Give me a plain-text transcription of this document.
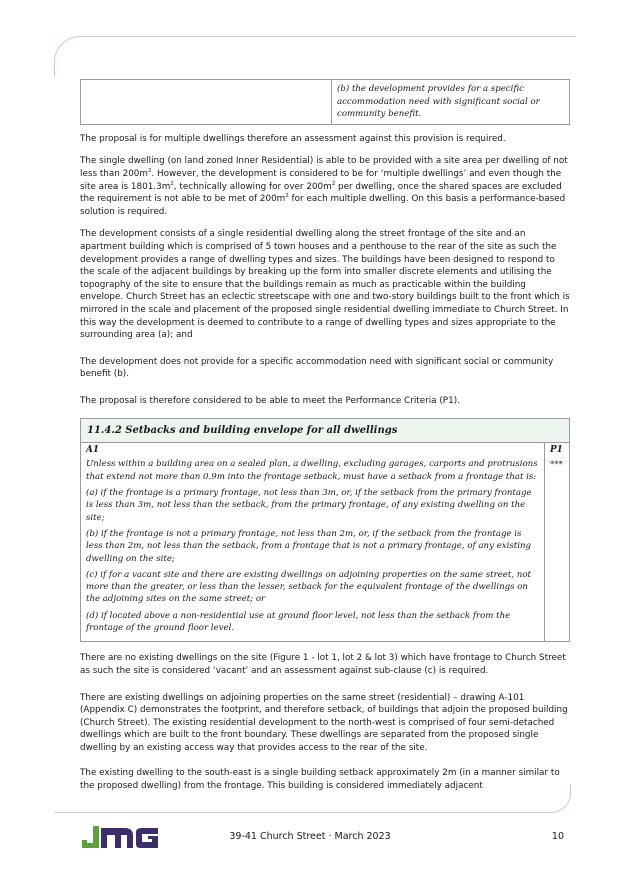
(b) the development provides for a specific accommodation need with significant social or community benefit.

The proposal is for multiple dwellings therefore an assessment against this provision is required.

The single dwelling (on land zoned Inner Residential) is able to be provided with a site area per dwelling of not less than $200m^2$. However, the development is considered to be for ‘multiple dwellings’ and even though the site area is $1801.3m^2$, technically allowing for over $200m^2$ per dwelling, once the shared spaces are excluded the requirement is not able to be met of $200m^2$ for each multiple dwelling. On this basis a performance-based solution is required.

The development consists of a single residential dwelling along the street frontage of the site and an apartment building which is comprised of 5 town houses and a penthouse to the rear of the site as such the development provides a range of dwelling types and sizes. The buildings have been designed to respond to the scale of the adjacent buildings by breaking up the form into smaller discrete elements and utilising the topography of the site to ensure that the buildings remain as much as practicable within the building envelope. Church Street has an eclectic streetscape with one and two-story buildings built to the front which is mirrored in the scale and placement of the proposed single residential dwelling immediate to Church Street. In this way the development is deemed to contribute to a range of dwelling types and sizes appropriate to the surrounding area (a); and

The development does not provide for a specific accommodation need with significant social or community benefit (b).

The proposal is therefore considered to be able to meet the Performance Criteria (P1).

11.4.2 Setbacks and building envelope for all dwellings

A1

Unless within a building area on a sealed plan, a dwelling, excluding garages, carports and protrusions that extend not more than 0.9m into the frontage setback, must have a setback from a frontage that is:

(a) if the frontage is a primary frontage, not less than 3m, or, if the setback from the primary frontage is less than 3m, not less than the setback, from the primary frontage, of any existing dwelling on the site;

(b) if the frontage is not a primary frontage, not less than 2m, or, if the setback from the frontage is less than 2m, not less than the setback, from a frontage that is not a primary frontage, of any existing dwelling on the site;

(c) if for a vacant site and there are existing dwellings on adjoining properties on the same street, not more than the greater, or less than the lesser, setback for the equivalent frontage of the dwellings on the adjoining sites on the same street; or

(d) if located above a non-residential use at ground floor level, not less than the setback from the frontage of the ground floor level.

P1
***

There are no existing dwellings on the site (Figure 1 - lot 1, lot 2 & lot 3) which have frontage to Church Street as such the site is considered ‘vacant’ and an assessment against sub-clause (c) is required.

There are existing dwellings on adjoining properties on the same street (residential) – drawing A-101 (Appendix C) demonstrates the footprint, and therefore setback, of buildings that adjoin the proposed building (Church Street). The existing residential development to the north-west is comprised of four semi-detached dwellings which are built to the front boundary. These dwellings are separated from the proposed single dwelling by an existing access way that provides access to the rear of the site.

The existing dwelling to the south-east is a single building setback approximately 2m (in a manner similar to the proposed dwelling) from the frontage. This building is considered immediately adjacent

39-41 Church Street · March 2023	10
